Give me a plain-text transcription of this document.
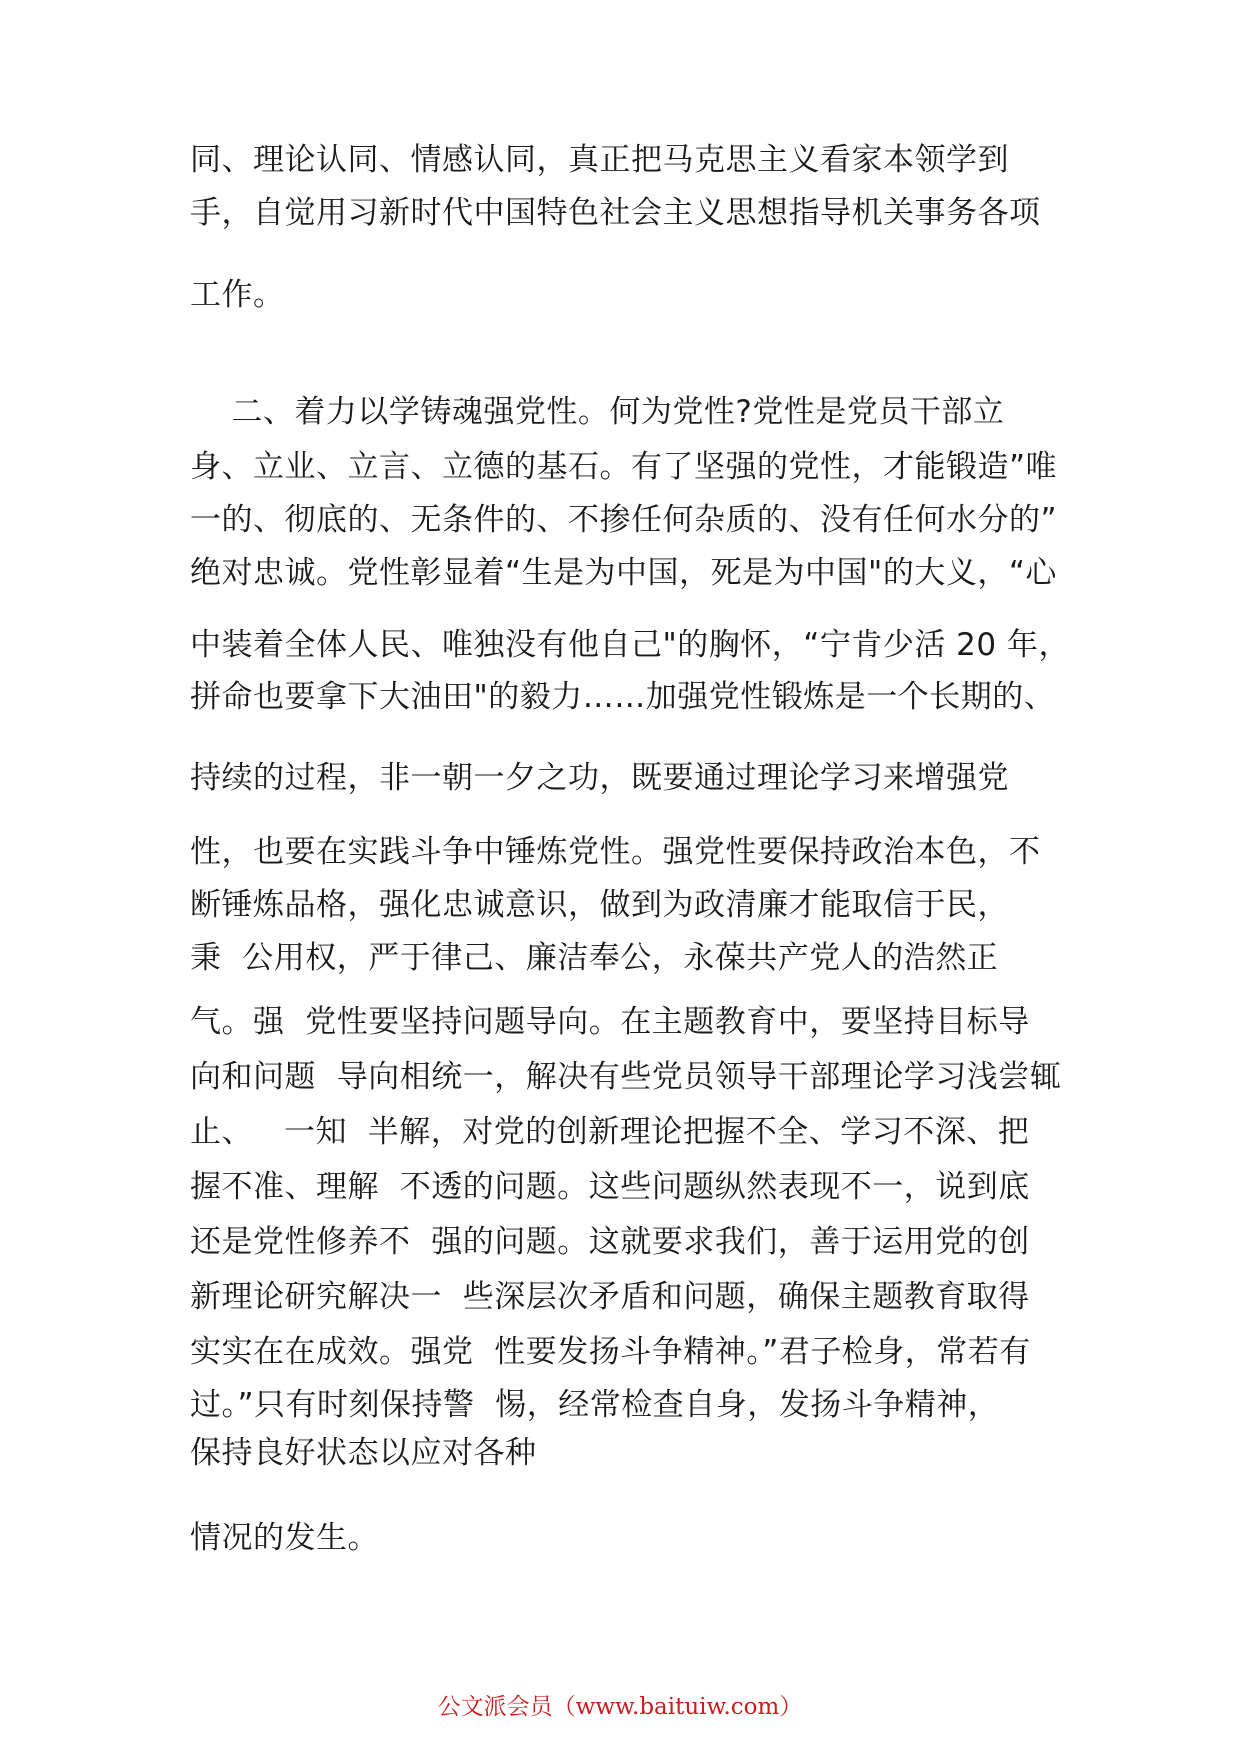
同、理论认同、情感认同，真正把马克思主义看家本领学到
手，自觉用习新时代中国特色社会主义思想指导机关事务各项
工作。
二、着力以学铸魂强党性。何为党性?党性是党员干部立
身、立业、立言、立德的基石。有了坚强的党性，才能锻造”唯
一的、彻底的、无条件的、不掺任何杂质的、没有任何水分的”
绝对忠诚。党性彰显着“生是为中国，死是为中国"的大义，“心
中装着全体人民、唯独没有他自己"的胸怀，“宁肯少活 20 年，
拼命也要拿下大油田"的毅力……加强党性锻炼是一个长期的、
持续的过程，非一朝一夕之功，既要通过理论学习来增强党
性，也要在实践斗争中锤炼党性。强党性要保持政治本色，不
断锤炼品格，强化忠诚意识，做到为政清廉才能取信于民，
秉  公用权，严于律己、廉洁奉公，永葆共产党人的浩然正
气。强  党性要坚持问题导向。在主题教育中，要坚持目标导
向和问题  导向相统一，解决有些党员领导干部理论学习浅尝辄
止、   一知  半解，对党的创新理论把握不全、学习不深、把
握不准、理解  不透的问题。这些问题纵然表现不一，说到底
还是党性修养不  强的问题。这就要求我们，善于运用党的创
新理论研究解决一  些深层次矛盾和问题，确保主题教育取得
实实在在成效。强党  性要发扬斗争精神。”君子检身，常若有
过。”只有时刻保持警  惕，经常检查自身，发扬斗争精神，
保持良好状态以应对各种
情况的发生。
公文派会员（www.baituiw.com）
